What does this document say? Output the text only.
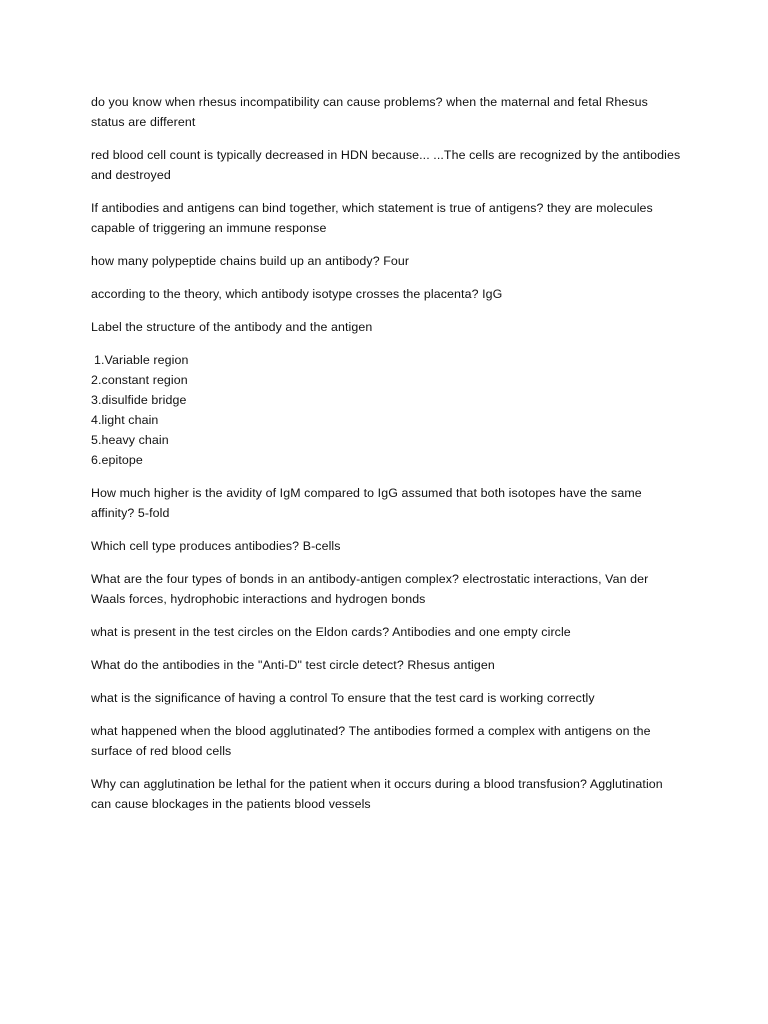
do you know when rhesus incompatibility can cause problems? when the maternal and fetal Rhesus status are different

red blood cell count is typically decreased in HDN because... ...The cells are recognized by the antibodies and destroyed

If antibodies and antigens can bind together, which statement is true of antigens? they are molecules capable of triggering an immune response

how many polypeptide chains build up an antibody? Four

according to the theory, which antibody isotype crosses the placenta? IgG

Label the structure of the antibody and the antigen

1.Variable region
2.constant region
3.disulfide bridge
4.light chain
5.heavy chain
6.epitope

How much higher is the avidity of IgM compared to IgG assumed that both isotopes have the same affinity? 5-fold

Which cell type produces antibodies? B-cells

What are the four types of bonds in an antibody-antigen complex? electrostatic interactions, Van der Waals forces, hydrophobic interactions and hydrogen bonds

what is present in the test circles on the Eldon cards? Antibodies and one empty circle

What do the antibodies in the "Anti-D" test circle detect? Rhesus antigen

what is the significance of having a control To ensure that the test card is working correctly

what happened when the blood agglutinated? The antibodies formed a complex with antigens on the surface of red blood cells

Why can agglutination be lethal for the patient when it occurs during a blood transfusion? Agglutination can cause blockages in the patients blood vessels
